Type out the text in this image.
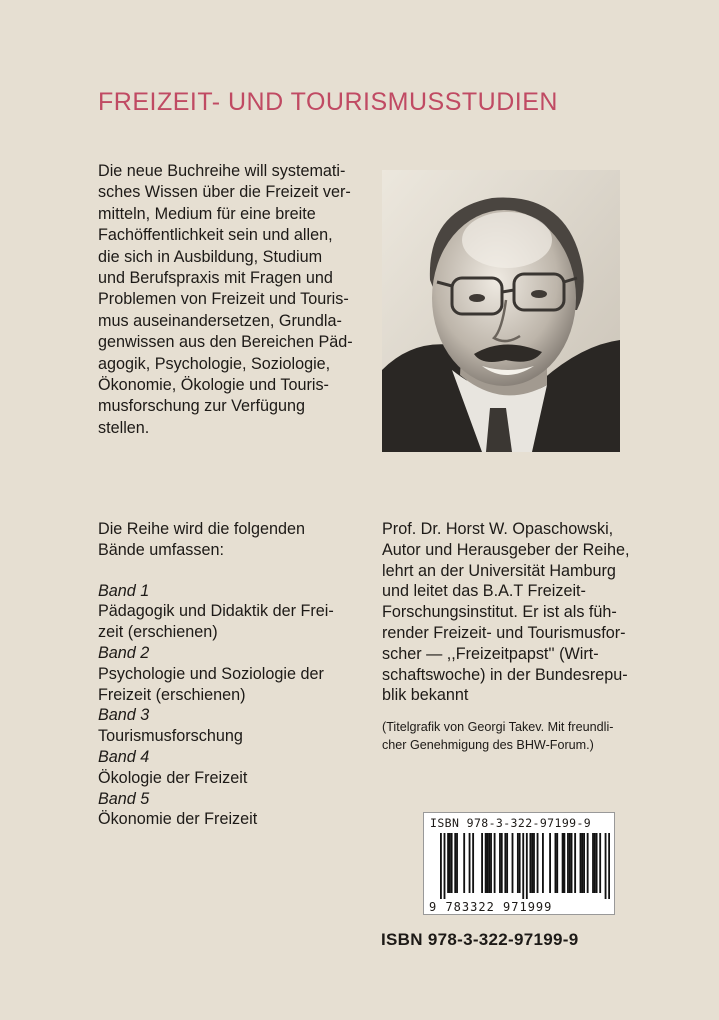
FREIZEIT- UND TOURISMUSSTUDIEN
Die neue Buchreihe will systemati-
sches Wissen über die Freizeit ver-
mitteln, Medium für eine breite
Fachöffentlichkeit sein und allen,
die sich in Ausbildung, Studium
und Berufspraxis mit Fragen und
Problemen von Freizeit und Touris-
mus auseinandersetzen, Grundla-
genwissen aus den Bereichen Päd-
agogik, Psychologie, Soziologie,
Ökonomie, Ökologie und Touris-
musforschung zur Verfügung
stellen.
Die Reihe wird die folgenden
Bände umfassen:
Band 1
Pädagogik und Didaktik der Frei-
zeit (erschienen)
Band 2
Psychologie und Soziologie der
Freizeit (erschienen)
Band 3
Tourismusforschung
Band 4
Ökologie der Freizeit
Band 5
Ökonomie der Freizeit
Prof. Dr. Horst W. Opaschowski,
Autor und Herausgeber der Reihe,
lehrt an der Universität Hamburg
und leitet das B.A.T Freizeit-
Forschungsinstitut. Er ist als füh-
render Freizeit- und Tourismusfor-
scher — ,,Freizeitpapst'' (Wirt-
schaftswoche) in der Bundesrepu-
blik bekannt
(Titelgrafik von Georgi Takev. Mit freundli-
cher Genehmigung des BHW-Forum.)
ISBN 978-3-322-97199-9
9 783322 971999
ISBN 978-3-322-97199-9
